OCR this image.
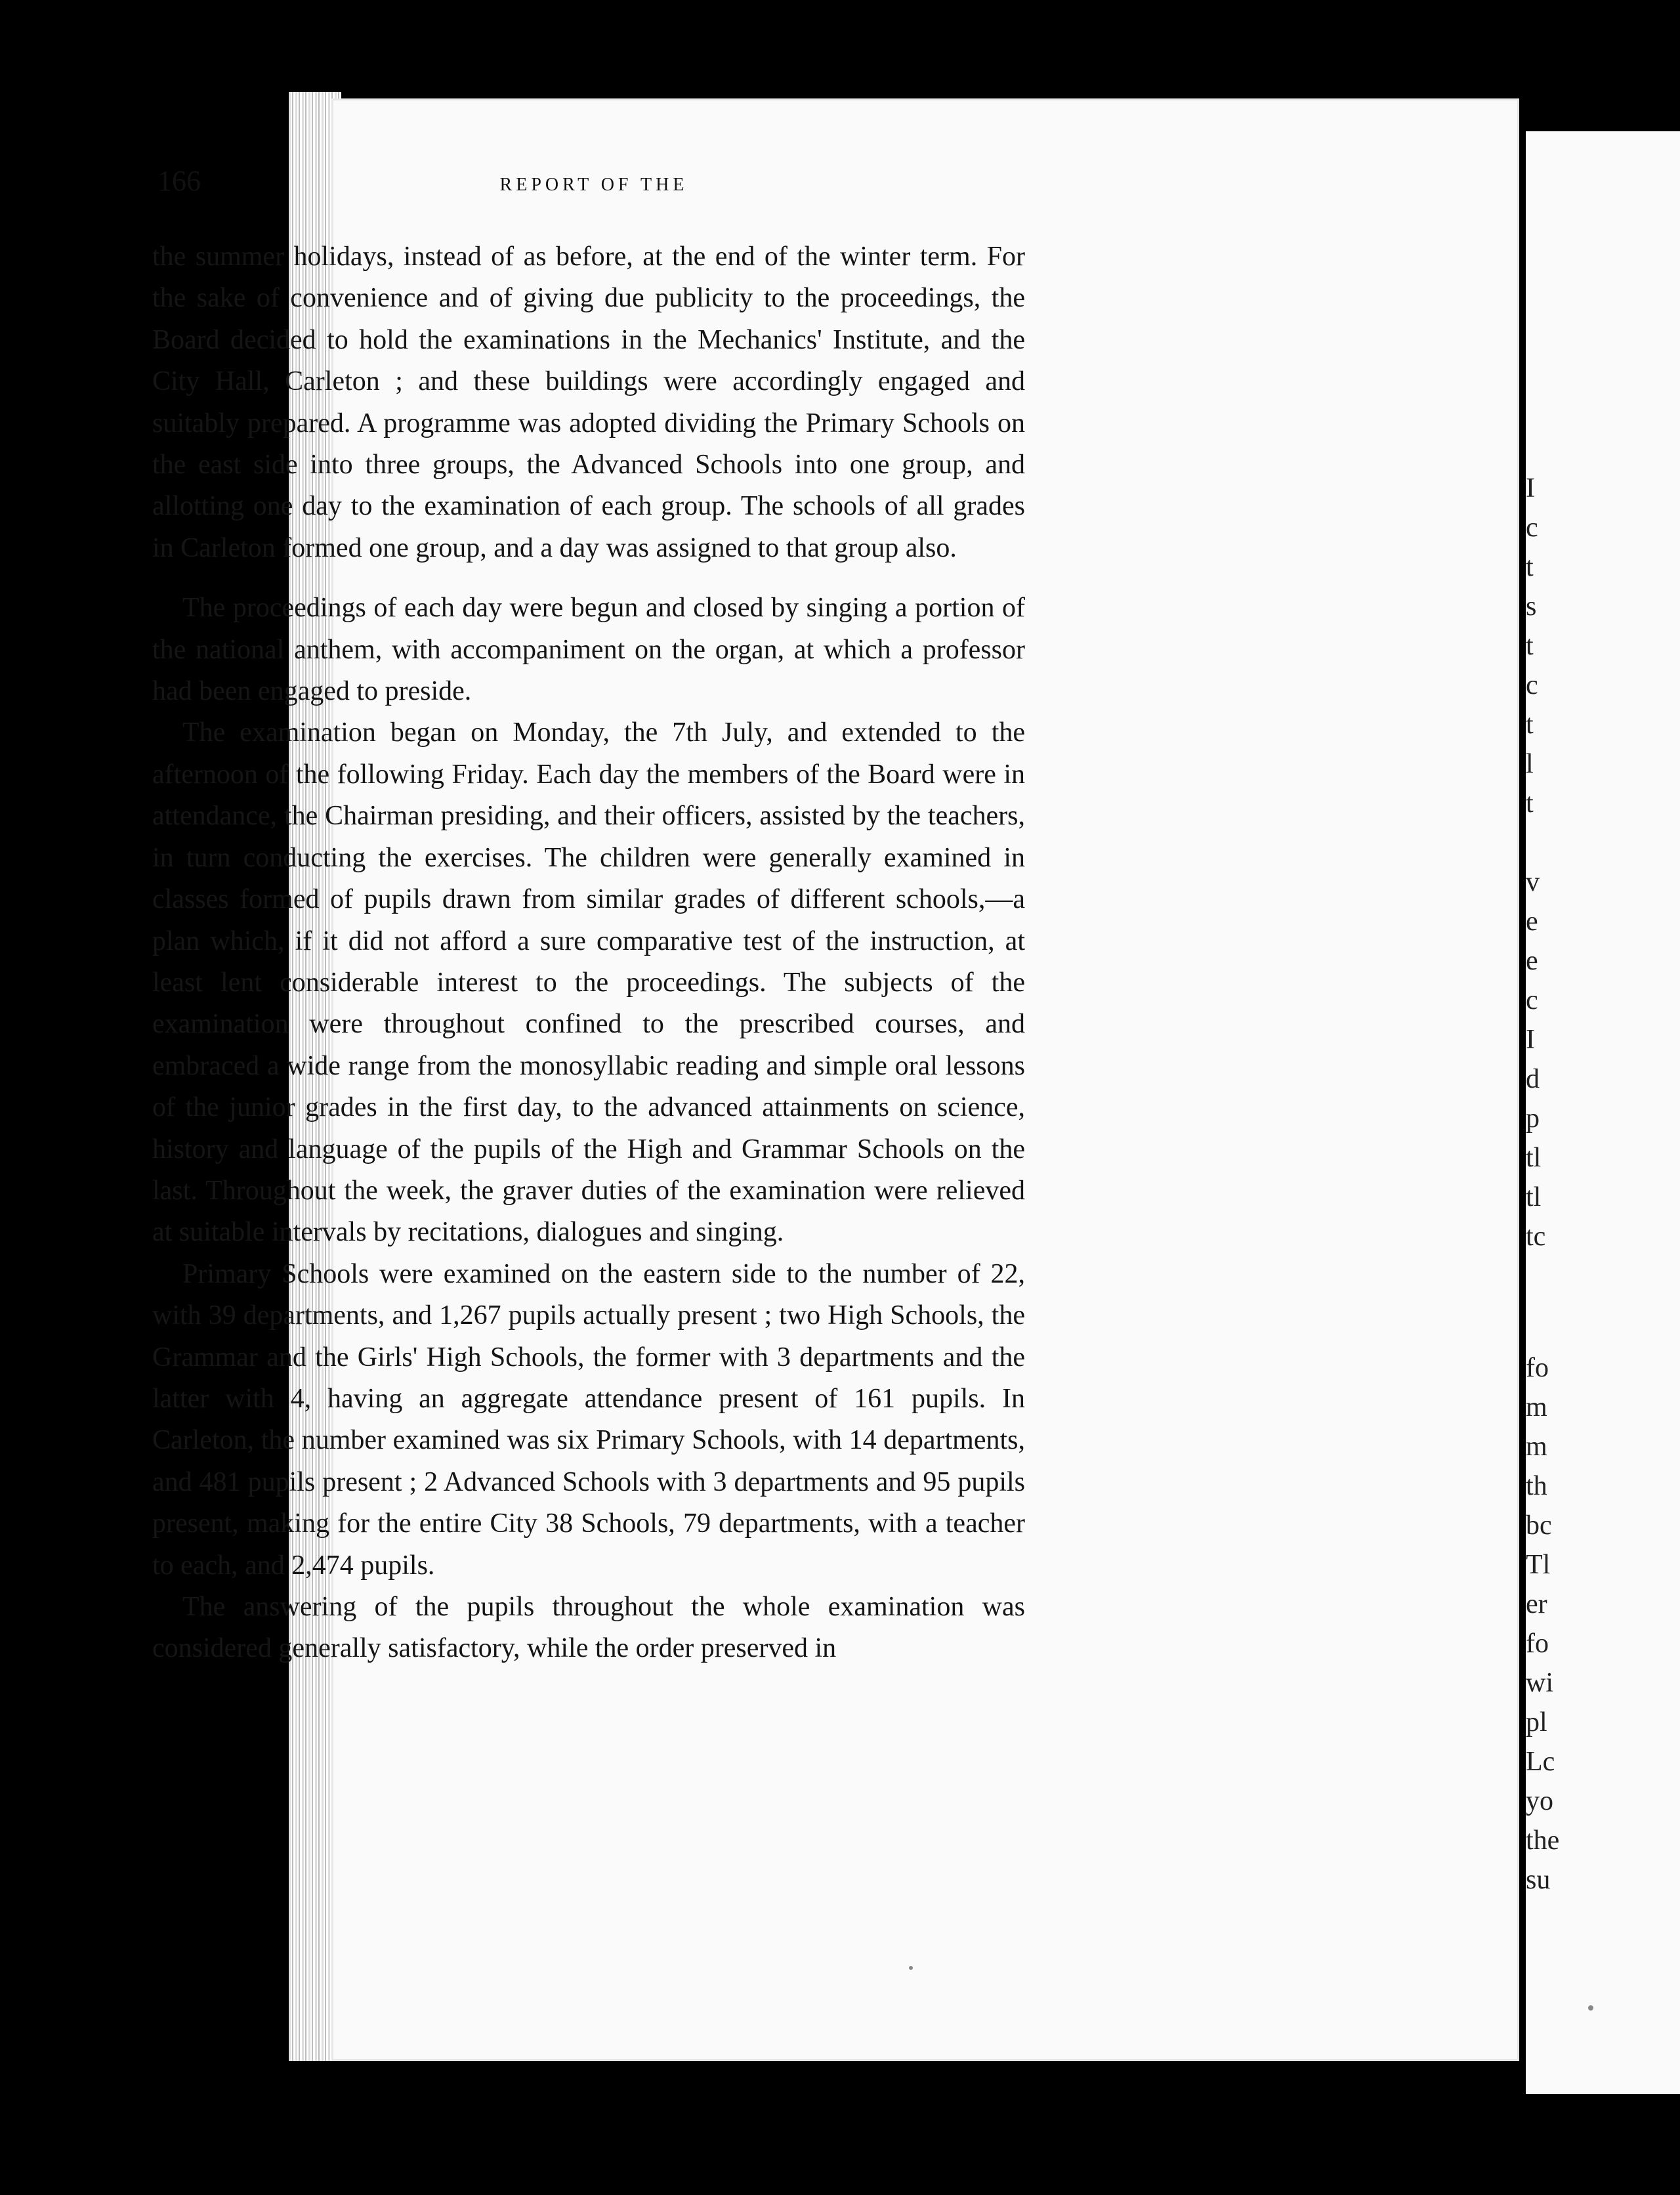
166	REPORT OF THE

the summer holidays, instead of as before, at the end of the winter term. For the sake of convenience and of giving due publicity to the proceedings, the Board decided to hold the examinations in the Mechanics' Institute, and the City Hall, Carleton ; and these buildings were accordingly engaged and suitably prepared. A programme was adopted dividing the Primary Schools on the east side into three groups, the Advanced Schools into one group, and allotting one day to the examination of each group. The schools of all grades in Carleton formed one group, and a day was assigned to that group also.

The proceedings of each day were begun and closed by singing a portion of the national anthem, with accompaniment on the organ, at which a professor had been engaged to preside.

The examination began on Monday, the 7th July, and extended to the afternoon of the following Friday. Each day the members of the Board were in attendance, the Chairman presiding, and their officers, assisted by the teachers, in turn conducting the exercises. The children were generally examined in classes formed of pupils drawn from similar grades of different schools,—a plan which, if it did not afford a sure comparative test of the instruction, at least lent considerable interest to the proceedings. The subjects of the examination were throughout confined to the prescribed courses, and embraced a wide range from the monosyllabic reading and simple oral lessons of the junior grades in the first day, to the advanced attainments on science, history and language of the pupils of the High and Grammar Schools on the last. Throughout the week, the graver duties of the examination were relieved at suitable intervals by recitations, dialogues and singing.

Primary Schools were examined on the eastern side to the number of 22, with 39 departments, and 1,267 pupils actually present ; two High Schools, the Grammar and the Girls' High Schools, the former with 3 departments and the latter with 4, having an aggregate attendance present of 161 pupils. In Carleton, the number examined was six Primary Schools, with 14 departments, and 481 pupils present ; 2 Advanced Schools with 3 departments and 95 pupils present, making for the entire City 38 Schools, 79 departments, with a teacher to each, and 2,474 pupils.

The answering of the pupils throughout the whole examination was considered generally satisfactory, while the order preserved in

I
c
t
s
t
c
t
l
t
v
e
e
c
I
d
p
tl
tl
tc
fo
m
m
th
bc
Tl
er
fo
wi
pl
Lc
yo
the
su
